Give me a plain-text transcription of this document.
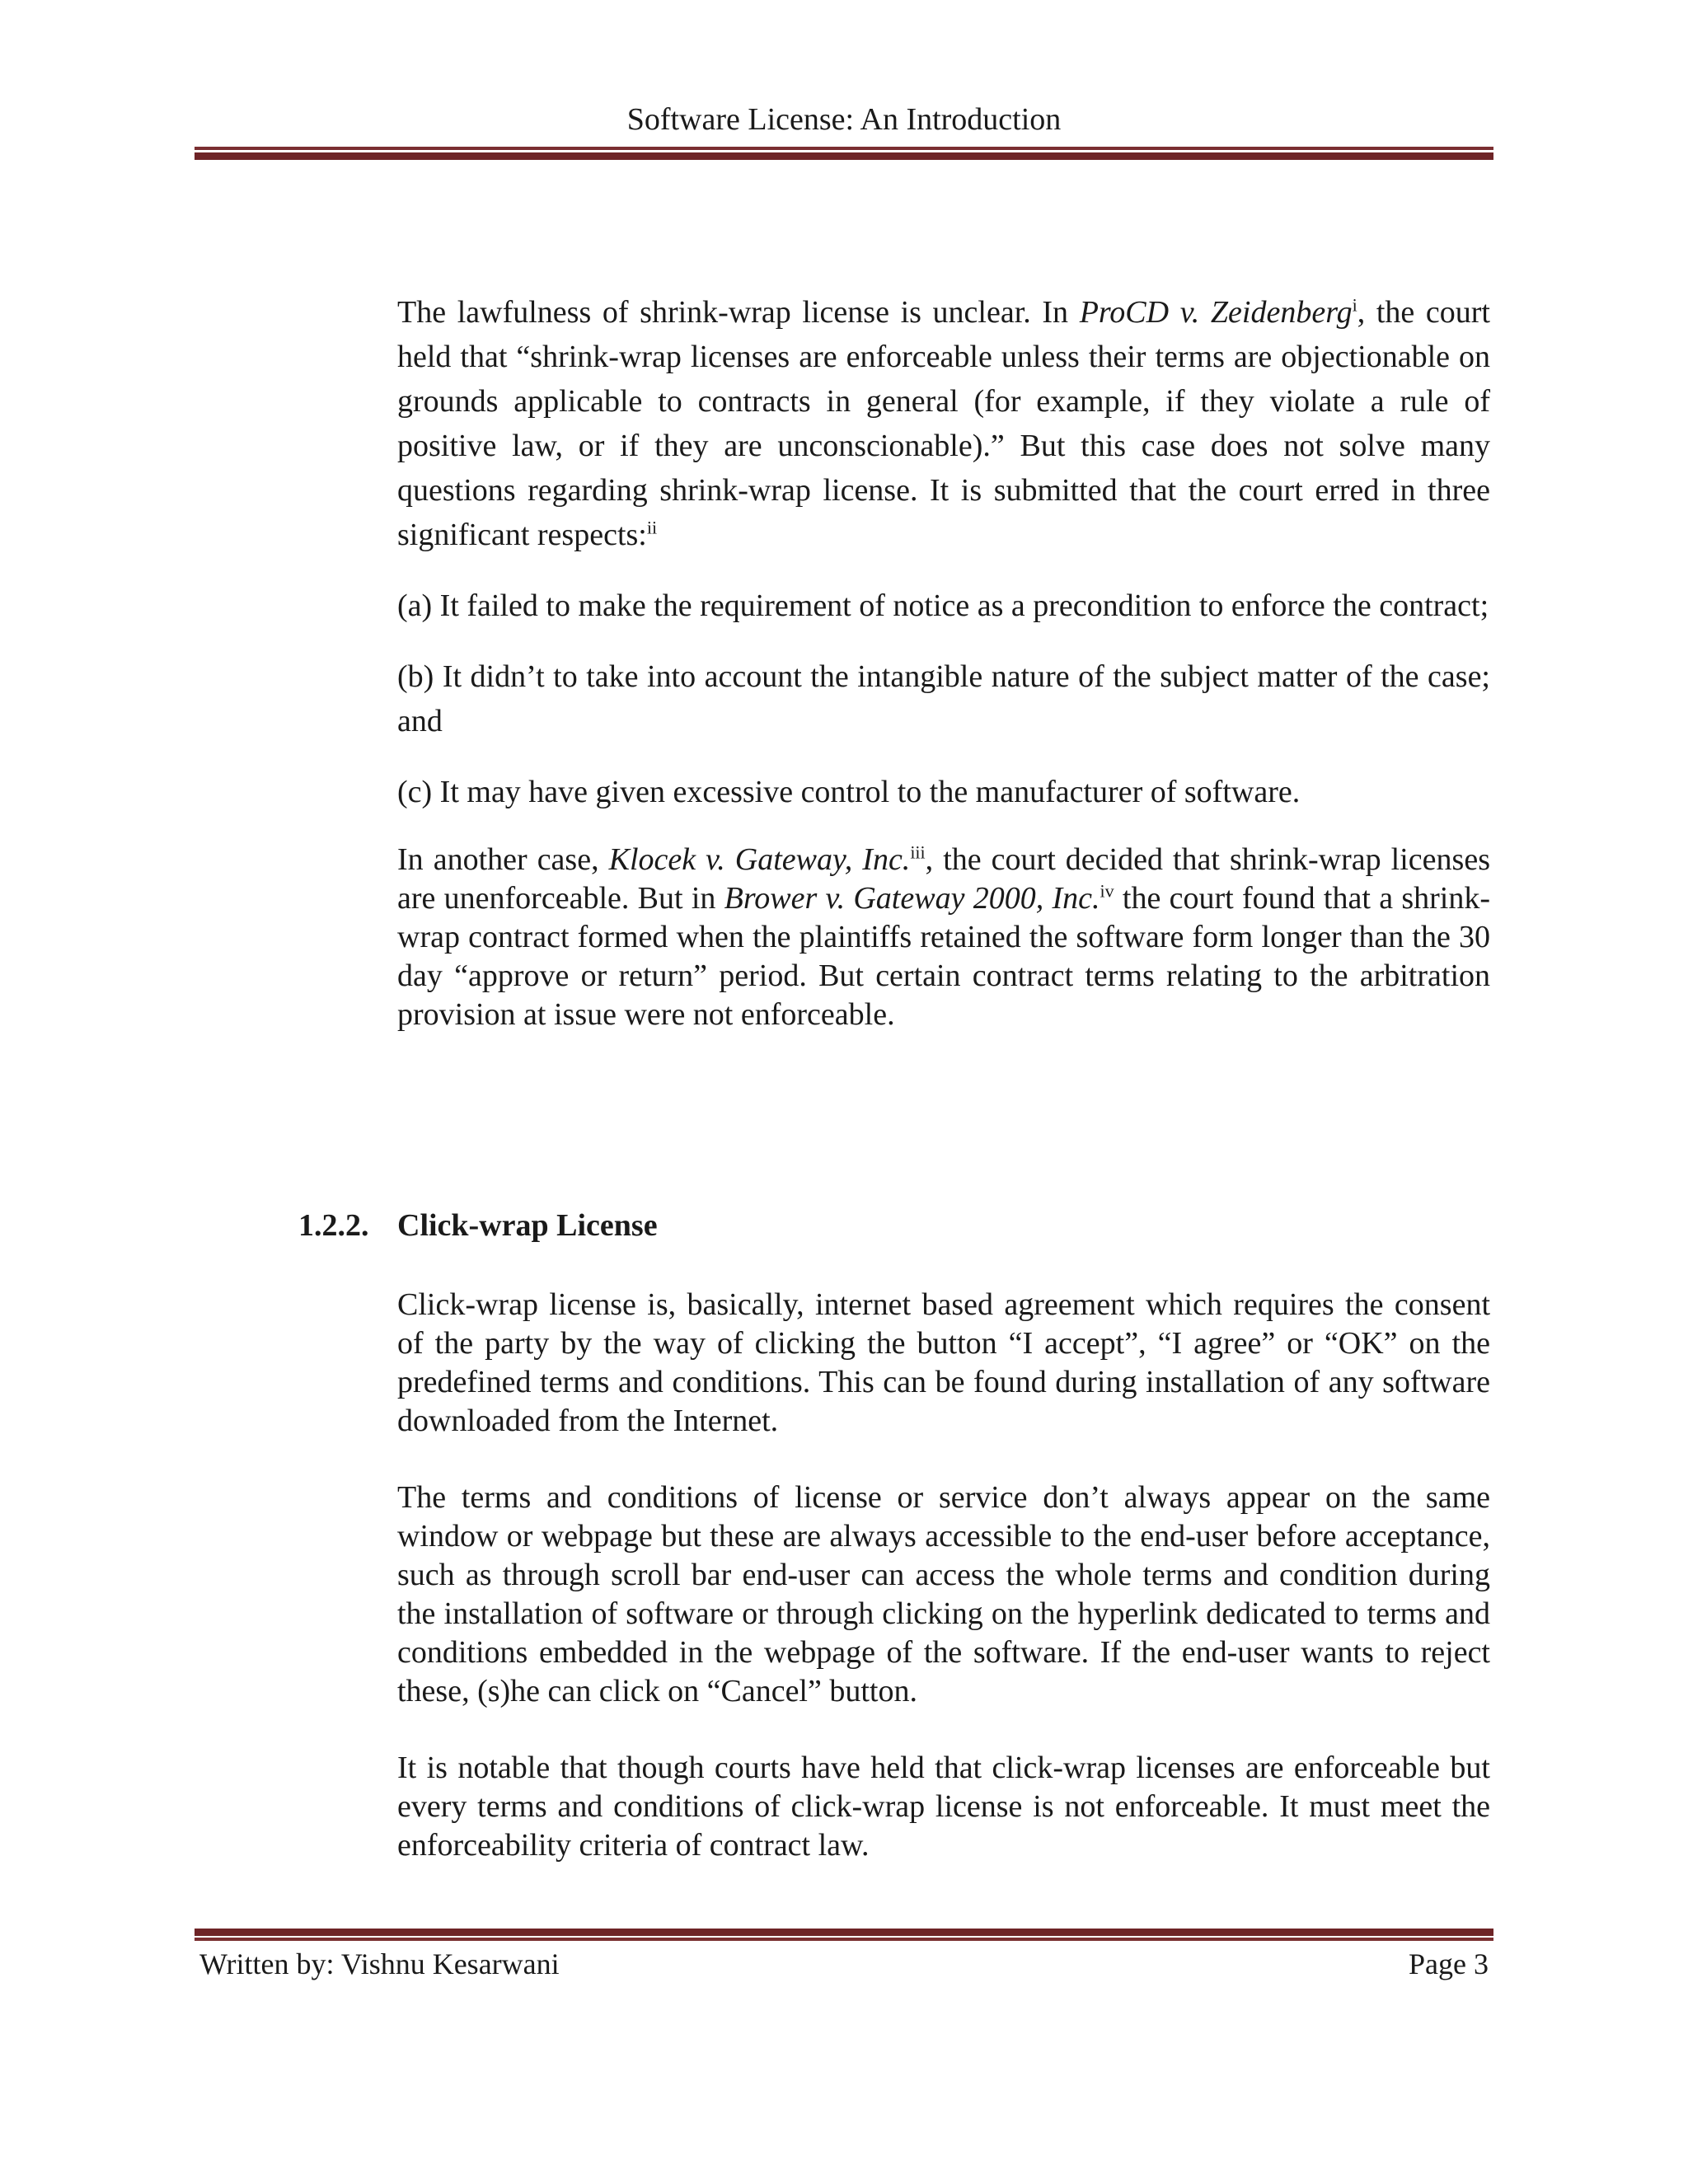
Software License: An Introduction

The lawfulness of shrink-wrap license is unclear. In ProCD v. Zeidenberg$^i$, the court held that “shrink-wrap licenses are enforceable unless their terms are objectionable on grounds applicable to contracts in general (for example, if they violate a rule of positive law, or if they are unconscionable).” But this case does not solve many questions regarding shrink-wrap license. It is submitted that the court erred in three significant respects:$^{ii}$

(a) It failed to make the requirement of notice as a precondition to enforce the contract;

(b) It didn’t to take into account the intangible nature of the subject matter of the case; and

(c) It may have given excessive control to the manufacturer of software.

In another case, Klocek v. Gateway, Inc.$^{iii}$, the court decided that shrink-wrap licenses are unenforceable. But in Brower v. Gateway 2000, Inc.$^{iv}$ the court found that a shrink-wrap contract formed when the plaintiffs retained the software form longer than the 30 day “approve or return” period. But certain contract terms relating to the arbitration provision at issue were not enforceable.

1.2.2. Click-wrap License

Click-wrap license is, basically, internet based agreement which requires the consent of the party by the way of clicking the button “I accept”, “I agree” or “OK” on the predefined terms and conditions. This can be found during installation of any software downloaded from the Internet.

The terms and conditions of license or service don’t always appear on the same window or webpage but these are always accessible to the end-user before acceptance, such as through scroll bar end-user can access the whole terms and condition during the installation of software or through clicking on the hyperlink dedicated to terms and conditions embedded in the webpage of the software. If the end-user wants to reject these, (s)he can click on “Cancel” button.

It is notable that though courts have held that click-wrap licenses are enforceable but every terms and conditions of click-wrap license is not enforceable. It must meet the enforceability criteria of contract law.

Written by: Vishnu Kesarwani	Page 3
